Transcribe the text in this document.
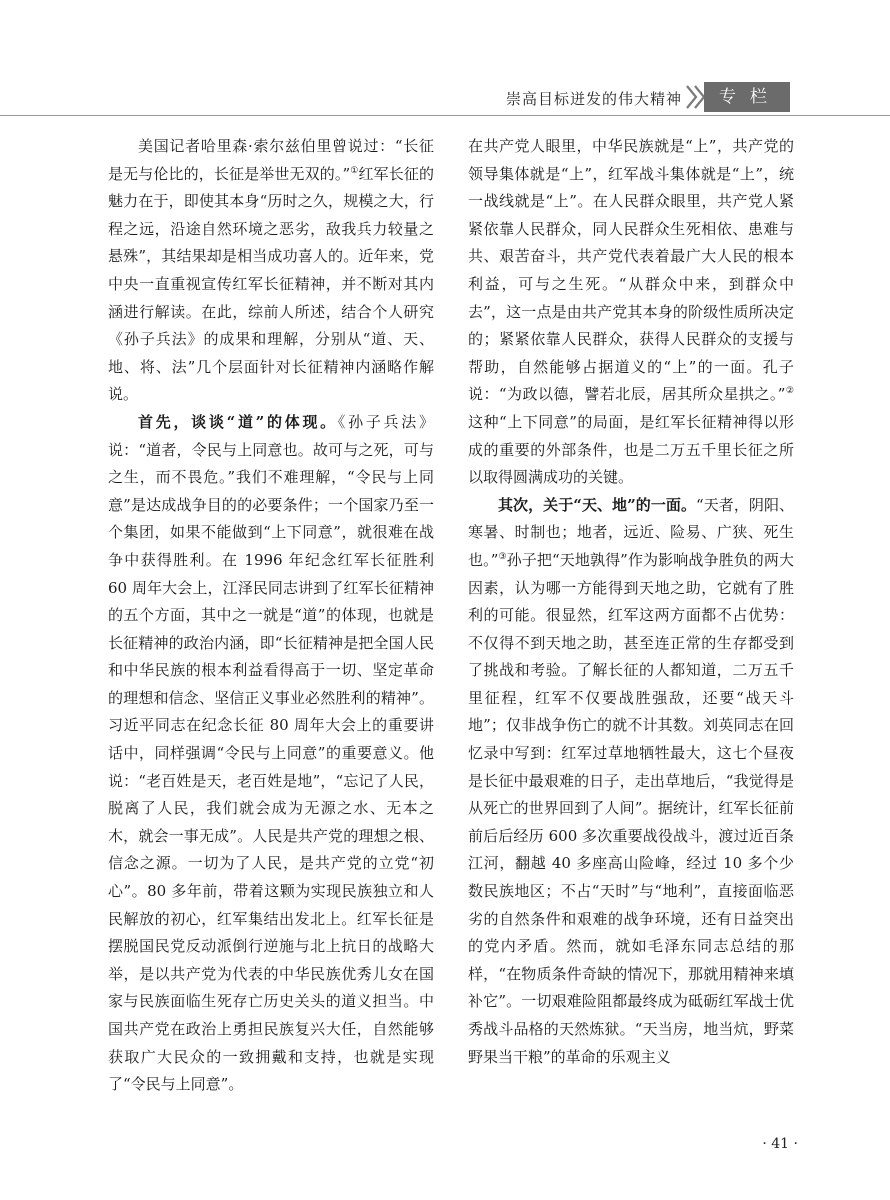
崇高目标迸发的伟大精神	专栏

美国记者哈里森·索尔兹伯里曾说过：“长征是无与伦比的，长征是举世无双的。”①红军长征的魅力在于，即使其本身“历时之久，规模之大，行程之远，沿途自然环境之恶劣，敌我兵力较量之悬殊”，其结果却是相当成功喜人的。近年来，党中央一直重视宣传红军长征精神，并不断对其内涵进行解读。在此，综前人所述，结合个人研究《孙子兵法》的成果和理解，分别从“道、天、地、将、法”几个层面针对长征精神内涵略作解说。

首先，谈谈“道”的体现。《孙子兵法》说：“道者，令民与上同意也。故可与之死，可与之生，而不畏危。”我们不难理解，“令民与上同意”是达成战争目的的必要条件；一个国家乃至一个集团，如果不能做到“上下同意”，就很难在战争中获得胜利。在 1996 年纪念红军长征胜利 60 周年大会上，江泽民同志讲到了红军长征精神的五个方面，其中之一就是“道”的体现，也就是长征精神的政治内涵，即“长征精神是把全国人民和中华民族的根本利益看得高于一切、坚定革命的理想和信念、坚信正义事业必然胜利的精神”。习近平同志在纪念长征 80 周年大会上的重要讲话中，同样强调“令民与上同意”的重要意义。他说：“老百姓是天，老百姓是地”，“忘记了人民，脱离了人民，我们就会成为无源之水、无本之木，就会一事无成”。人民是共产党的理想之根、信念之源。一切为了人民，是共产党的立党“初心”。80 多年前，带着这颗为实现民族独立和人民解放的初心，红军集结出发北上。红军长征是摆脱国民党反动派倒行逆施与北上抗日的战略大举，是以共产党为代表的中华民族优秀儿女在国家与民族面临生死存亡历史关头的道义担当。中国共产党在政治上勇担民族复兴大任，自然能够获取广大民众的一致拥戴和支持，也就是实现了“令民与上同意”。

在共产党人眼里，中华民族就是“上”，共产党的领导集体就是“上”，红军战斗集体就是“上”，统一战线就是“上”。在人民群众眼里，共产党人紧紧依靠人民群众，同人民群众生死相依、患难与共、艰苦奋斗，共产党代表着最广大人民的根本利益，可与之生死。“从群众中来，到群众中去”，这一点是由共产党其本身的阶级性质所决定的；紧紧依靠人民群众，获得人民群众的支援与帮助，自然能够占据道义的“上”的一面。孔子说：“为政以德，譬若北辰，居其所众星拱之。”②这种“上下同意”的局面，是红军长征精神得以形成的重要的外部条件，也是二万五千里长征之所以取得圆满成功的关键。

其次，关于“天、地”的一面。“天者，阴阳、寒暑、时制也；地者，远近、险易、广狭、死生也。”③孙子把“天地孰得”作为影响战争胜负的两大因素，认为哪一方能得到天地之助，它就有了胜利的可能。很显然，红军这两方面都不占优势：不仅得不到天地之助，甚至连正常的生存都受到了挑战和考验。了解长征的人都知道，二万五千里征程，红军不仅要战胜强敌，还要“战天斗地”；仅非战争伤亡的就不计其数。刘英同志在回忆录中写到：红军过草地牺牲最大，这七个昼夜是长征中最艰难的日子，走出草地后，“我觉得是从死亡的世界回到了人间”。据统计，红军长征前前后后经历 600 多次重要战役战斗，渡过近百条江河，翻越 40 多座高山险峰，经过 10 多个少数民族地区；不占“天时”与“地利”，直接面临恶劣的自然条件和艰难的战争环境，还有日益突出的党内矛盾。然而，就如毛泽东同志总结的那样，“在物质条件奇缺的情况下，那就用精神来填补它”。一切艰难险阻都最终成为砥砺红军战士优秀战斗品格的天然炼狱。“天当房，地当炕，野菜野果当干粮”的革命的乐观主义

· 41 ·
